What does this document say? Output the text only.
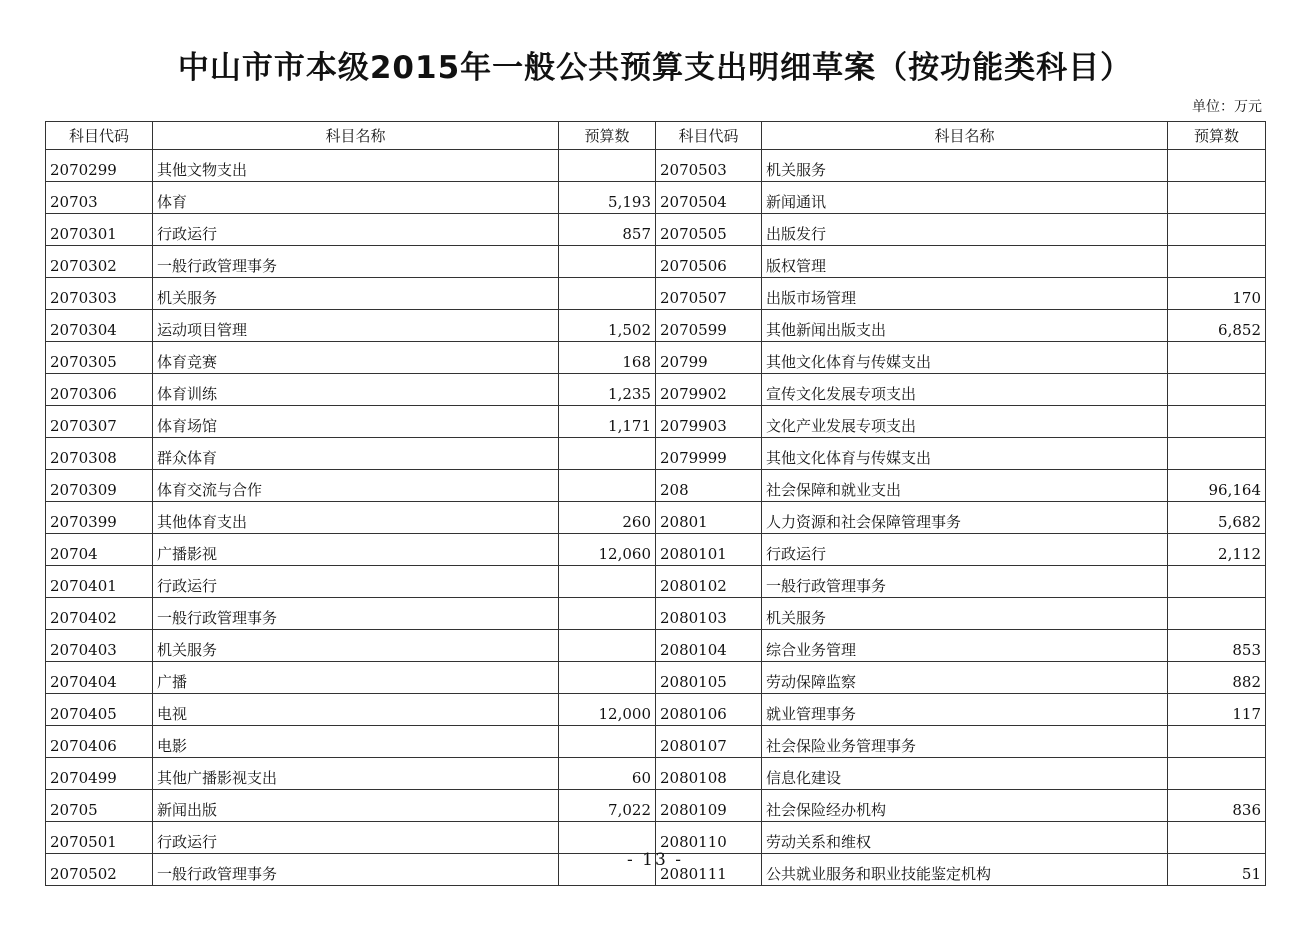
中山市市本级2015年一般公共预算支出明细草案（按功能类科目）
单位：万元
科目代码	科目名称	预算数	科目代码	科目名称	预算数
2070299	其他文物支出		2070503	机关服务	
20703	体育	5,193	2070504	新闻通讯	
2070301	行政运行	857	2070505	出版发行	
2070302	一般行政管理事务		2070506	版权管理	
2070303	机关服务		2070507	出版市场管理	170
2070304	运动项目管理	1,502	2070599	其他新闻出版支出	6,852
2070305	体育竞赛	168	20799	其他文化体育与传媒支出	
2070306	体育训练	1,235	2079902	宣传文化发展专项支出	
2070307	体育场馆	1,171	2079903	文化产业发展专项支出	
2070308	群众体育		2079999	其他文化体育与传媒支出	
2070309	体育交流与合作		208	社会保障和就业支出	96,164
2070399	其他体育支出	260	20801	人力资源和社会保障管理事务	5,682
20704	广播影视	12,060	2080101	行政运行	2,112
2070401	行政运行		2080102	一般行政管理事务	
2070402	一般行政管理事务		2080103	机关服务	
2070403	机关服务		2080104	综合业务管理	853
2070404	广播		2080105	劳动保障监察	882
2070405	电视	12,000	2080106	就业管理事务	117
2070406	电影		2080107	社会保险业务管理事务	
2070499	其他广播影视支出	60	2080108	信息化建设	
20705	新闻出版	7,022	2080109	社会保险经办机构	836
2070501	行政运行		2080110	劳动关系和维权	
2070502	一般行政管理事务		2080111	公共就业服务和职业技能鉴定机构	51
- 13 -
